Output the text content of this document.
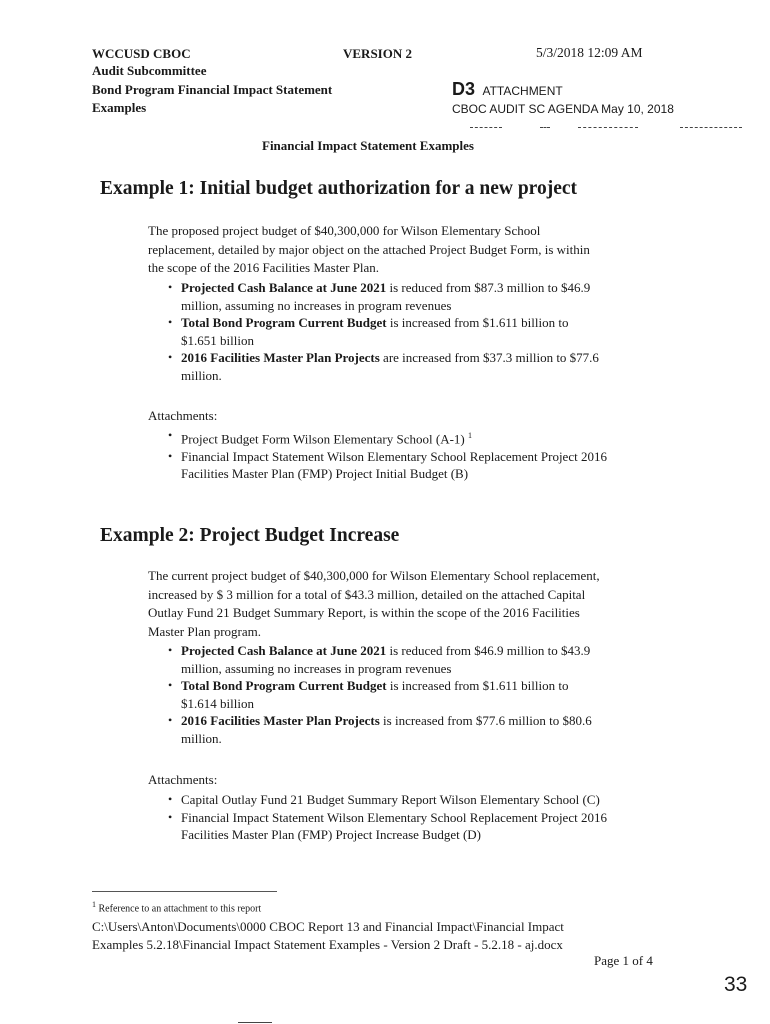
WCCUSD CBOC	VERSION 2	5/3/2018 12:09 AM
Audit Subcommittee
Bond Program Financial Impact Statement
Examples
D3 ATTACHMENT
CBOC AUDIT SC AGENDA May 10, 2018
Financial Impact Statement Examples
Example 1: Initial budget authorization for a new project
The proposed project budget of $40,300,000 for Wilson Elementary School
replacement, detailed by major object on the attached Project Budget Form, is within
the scope of the 2016 Facilities Master Plan.
• Projected Cash Balance at June 2021 is reduced from $87.3 million to $46.9
million, assuming no increases in program revenues
• Total Bond Program Current Budget is increased from $1.611 billion to
$1.651 billion
• 2016 Facilities Master Plan Projects are increased from $37.3 million to $77.6
million.
Attachments:
• Project Budget Form Wilson Elementary School (A-1) $^1$
• Financial Impact Statement Wilson Elementary School Replacement Project 2016
Facilities Master Plan (FMP) Project Initial Budget (B)
Example 2: Project Budget Increase
The current project budget of $40,300,000 for Wilson Elementary School replacement,
increased by $ 3 million for a total of $43.3 million, detailed on the attached Capital
Outlay Fund 21 Budget Summary Report, is within the scope of the 2016 Facilities
Master Plan program.
• Projected Cash Balance at June 2021 is reduced from $46.9 million to $43.9
million, assuming no increases in program revenues
• Total Bond Program Current Budget is increased from $1.611 billion to
$1.614 billion
• 2016 Facilities Master Plan Projects is increased from $77.6 million to $80.6
million.
Attachments:
• Capital Outlay Fund 21 Budget Summary Report Wilson Elementary School (C)
• Financial Impact Statement Wilson Elementary School Replacement Project 2016
Facilities Master Plan (FMP) Project Increase Budget (D)
$^1$ Reference to an attachment to this report
C:\Users\Anton\Documents\0000 CBOC Report 13 and Financial Impact\Financial Impact
Examples 5.2.18\Financial Impact Statement Examples - Version 2 Draft - 5.2.18 - aj.docx
Page 1 of 4
33
